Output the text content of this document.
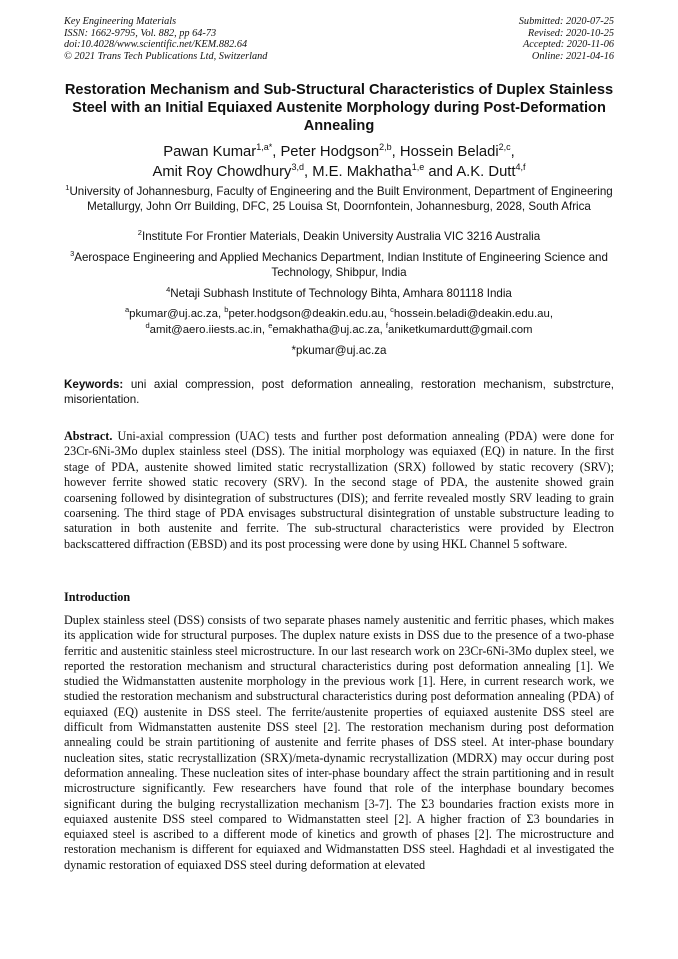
Key Engineering Materials
ISSN: 1662-9795, Vol. 882, pp 64-73
doi:10.4028/www.scientific.net/KEM.882.64
© 2021 Trans Tech Publications Ltd, Switzerland
Submitted: 2020-07-25
Revised: 2020-10-25
Accepted: 2020-11-06
Online: 2021-04-16
Restoration Mechanism and Sub-Structural Characteristics of Duplex Stainless Steel with an Initial Equiaxed Austenite Morphology during Post-Deformation Annealing
Pawan Kumar$^{1,a*}$, Peter Hodgson$^{2,b}$, Hossein Beladi$^{2,c}$,
Amit Roy Chowdhury$^{3,d}$, M.E. Makhatha$^{1,e}$ and A.K. Dutt$^{4,f}$
$^1$University of Johannesburg, Faculty of Engineering and the Built Environment, Department of Engineering Metallurgy, John Orr Building, DFC, 25 Louisa St, Doornfontein, Johannesburg, 2028, South Africa
$^2$Institute For Frontier Materials, Deakin University Australia VIC 3216 Australia
$^3$Aerospace Engineering and Applied Mechanics Department, Indian Institute of Engineering Science and Technology, Shibpur, India
$^4$Netaji Subhash Institute of Technology Bihta, Amhara 801118 India
$^a$pkumar@uj.ac.za, $^b$peter.hodgson@deakin.edu.au, $^c$hossein.beladi@deakin.edu.au,
$^d$amit@aero.iiests.ac.in, $^e$emakhatha@uj.ac.za, $^f$aniketkumardutt@gmail.com
*pkumar@uj.ac.za
Keywords: uni axial compression, post deformation annealing, restoration mechanism, substrcture, misorientation.
Abstract. Uni-axial compression (UAC) tests and further post deformation annealing (PDA) were done for 23Cr-6Ni-3Mo duplex stainless steel (DSS). The initial morphology was equiaxed (EQ) in nature. In the first stage of PDA, austenite showed limited static recrystallization (SRX) followed by static recovery (SRV); however ferrite showed static recovery (SRV). In the second stage of PDA, the austenite showed grain coarsening followed by disintegration of substructures (DIS); and ferrite revealed mostly SRV leading to grain coarsening. The third stage of PDA envisages substructural disintegration of unstable substructure leading to saturation in both austenite and ferrite. The sub-structural characteristics were provided by Electron backscattered diffraction (EBSD) and its post processing were done by using HKL Channel 5 software.
Introduction
Duplex stainless steel (DSS) consists of two separate phases namely austenitic and ferritic phases, which makes its application wide for structural purposes. The duplex nature exists in DSS due to the presence of a two-phase ferritic and austenitic stainless steel microstructure. In our last research work on 23Cr-6Ni-3Mo duplex steel, we reported the restoration mechanism and structural characteristics during post deformation annealing [1]. We studied the Widmanstatten austenite morphology in the previous work [1]. Here, in current research work, we studied the restoration mechanism and substructural characteristics during post deformation annealing (PDA) of equiaxed (EQ) austenite in DSS steel. The ferrite/austenite properties of equiaxed austenite DSS steel are difficult from Widmanstatten austenite DSS steel [2]. The restoration mechanism during post deformation annealing could be strain partitioning of austenite and ferrite phases of DSS steel. At inter-phase boundary nucleation sites, static recrystallization (SRX)/meta-dynamic recrystallization (MDRX) may occur during post deformation annealing. These nucleation sites of inter-phase boundary affect the strain partitioning and in result microstructure significantly. Few researchers have found that role of the interphase boundary becomes significant during the bulging recrystallization mechanism [3-7]. The Σ3 boundaries fraction exists more in equiaxed austenite DSS steel compared to Widmanstatten steel [2]. A higher fraction of Σ3 boundaries in equiaxed steel is ascribed to a different mode of kinetics and growth of phases [2]. The microstructure and restoration mechanism is different for equiaxed and Widmanstatten DSS steel. Haghdadi et al investigated the dynamic restoration of equiaxed DSS steel during deformation at elevated
